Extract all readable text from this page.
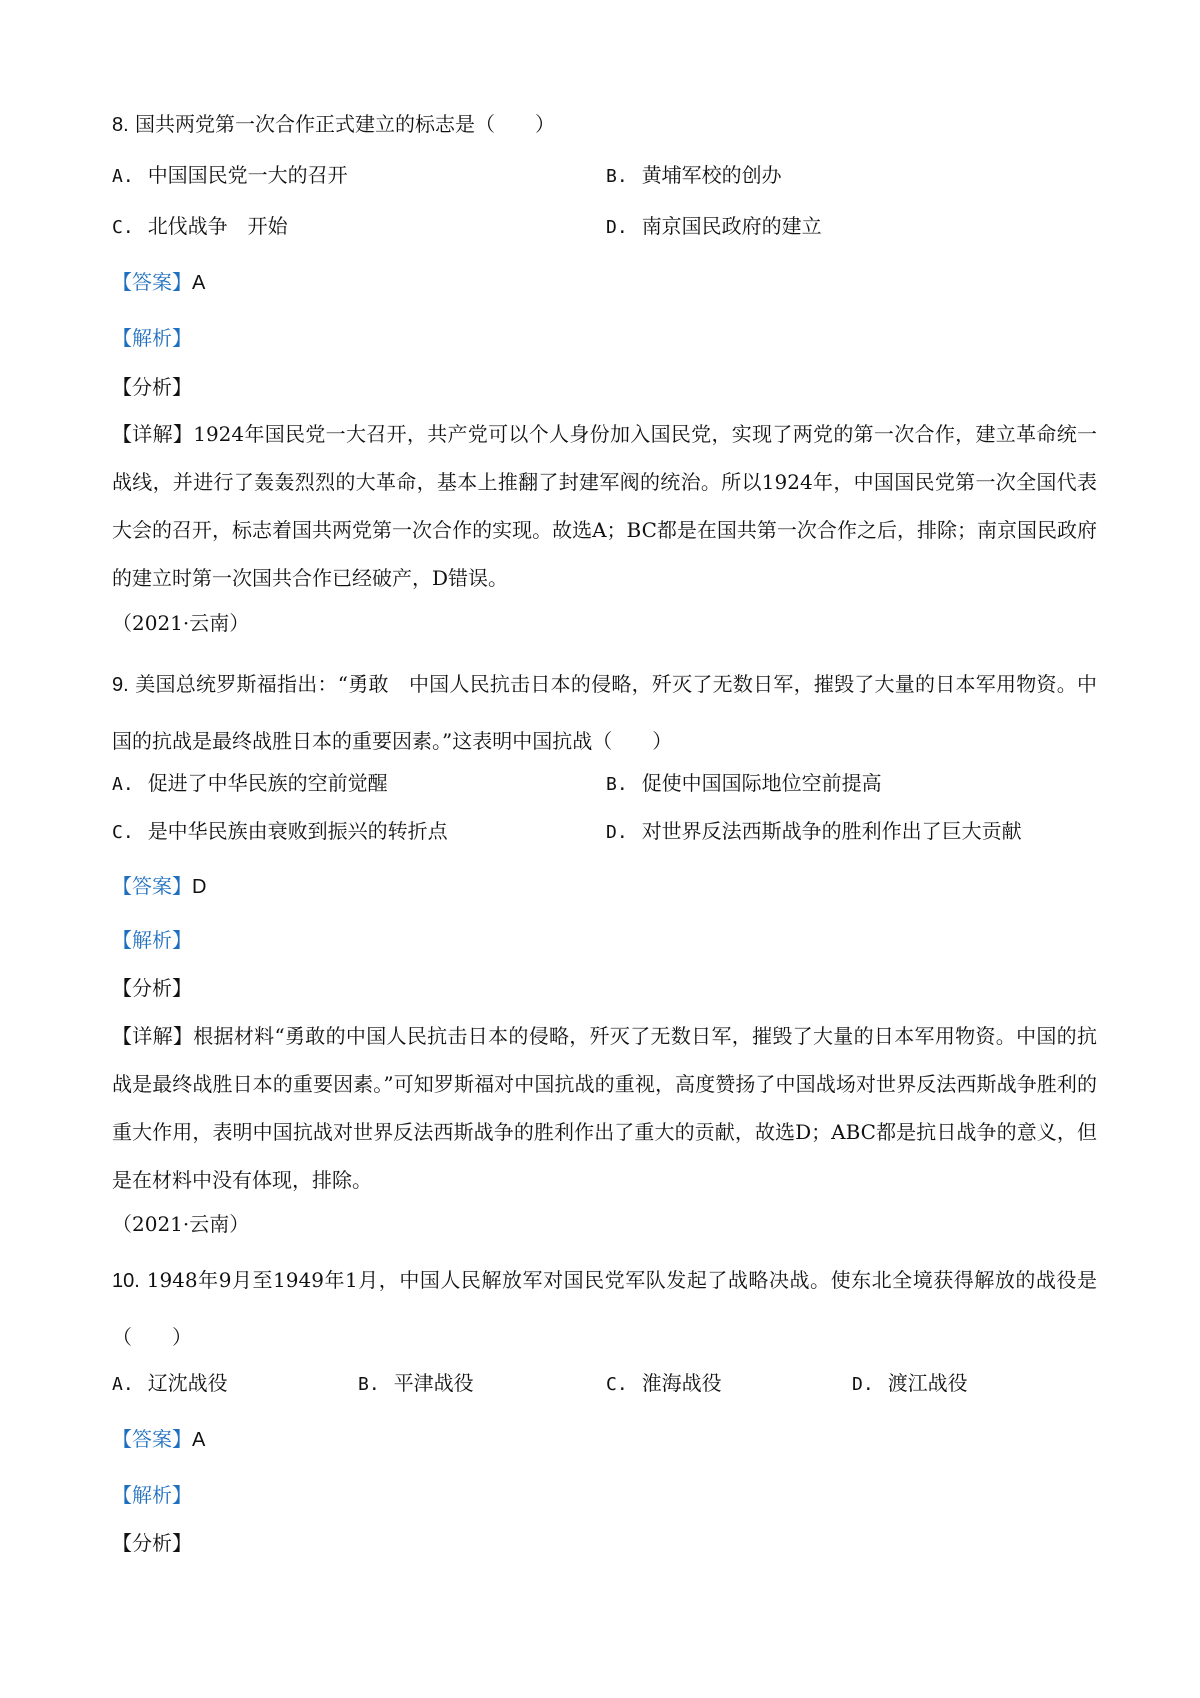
8. 国共两党第一次合作正式建立的标志是（　　）
A. 中国国民党一大的召开	B. 黄埔军校的创办
C. 北伐战争　开始	D. 南京国民政府的建立
【答案】A
【解析】
【分析】
【详解】1924年国民党一大召开，共产党可以个人身份加入国民党，实现了两党的第一次合作，建立革命统一战线，并进行了轰轰烈烈的大革命，基本上推翻了封建军阀的统治。所以1924年，中国国民党第一次全国代表大会的召开，标志着国共两党第一次合作的实现。故选A；BC都是在国共第一次合作之后，排除；南京国民政府的建立时第一次国共合作已经破产，D错误。
（2021·云南）
9. 美国总统罗斯福指出：“勇敢　中国人民抗击日本的侵略，歼灭了无数日军，摧毁了大量的日本军用物资。中国的抗战是最终战胜日本的重要因素。”这表明中国抗战（　　）
A. 促进了中华民族的空前觉醒	B. 促使中国国际地位空前提高
C. 是中华民族由衰败到振兴的转折点	D. 对世界反法西斯战争的胜利作出了巨大贡献
【答案】D
【解析】
【分析】
【详解】根据材料“勇敢的中国人民抗击日本的侵略，歼灭了无数日军，摧毁了大量的日本军用物资。中国的抗战是最终战胜日本的重要因素。”可知罗斯福对中国抗战的重视，高度赞扬了中国战场对世界反法西斯战争胜利的重大作用，表明中国抗战对世界反法西斯战争的胜利作出了重大的贡献，故选D；ABC都是抗日战争的意义，但是在材料中没有体现，排除。
（2021·云南）
10. 1948年9月至1949年1月，中国人民解放军对国民党军队发起了战略决战。使东北全境获得解放的战役是（　　）
A. 辽沈战役	B. 平津战役	C. 淮海战役	D. 渡江战役
【答案】A
【解析】
【分析】
